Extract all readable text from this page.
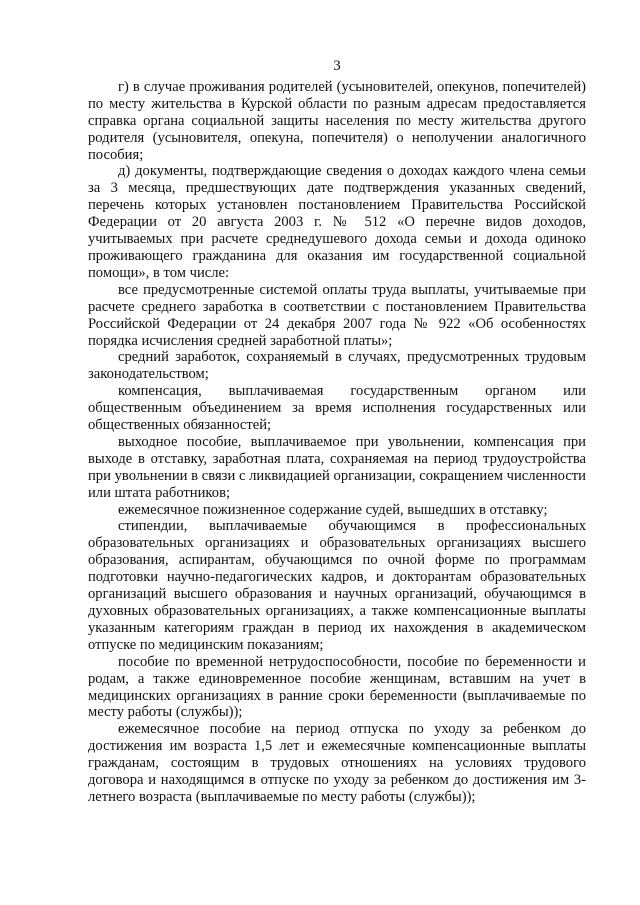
3

г) в случае проживания родителей (усыновителей, опекунов, попечителей) по месту жительства в Курской области по разным адресам предоставляется справка органа социальной защиты населения по месту жительства другого родителя (усыновителя, опекуна, попечителя) о неполучении аналогичного пособия;

д) документы, подтверждающие сведения о доходах каждого члена семьи за 3 месяца, предшествующих дате подтверждения указанных сведений, перечень которых установлен постановлением Правительства Российской Федерации от 20 августа 2003 г. № 512 «О перечне видов доходов, учитываемых при расчете среднедушевого дохода семьи и дохода одиноко проживающего гражданина для оказания им государственной социальной помощи», в том числе:

все предусмотренные системой оплаты труда выплаты, учитываемые при расчете среднего заработка в соответствии с постановлением Правительства Российской Федерации от 24 декабря 2007 года № 922 «Об особенностях порядка исчисления средней заработной платы»;

средний заработок, сохраняемый в случаях, предусмотренных трудовым законодательством;

компенсация, выплачиваемая государственным органом или общественным объединением за время исполнения государственных или общественных обязанностей;

выходное пособие, выплачиваемое при увольнении, компенсация при выходе в отставку, заработная плата, сохраняемая на период трудоустройства при увольнении в связи с ликвидацией организации, сокращением численности или штата работников;

ежемесячное пожизненное содержание судей, вышедших в отставку;

стипендии, выплачиваемые обучающимся в профессиональных образовательных организациях и образовательных организациях высшего образования, аспирантам, обучающимся по очной форме по программам подготовки научно-педагогических кадров, и докторантам образовательных организаций высшего образования и научных организаций, обучающимся в духовных образовательных организациях, а также компенсационные выплаты указанным категориям граждан в период их нахождения в академическом отпуске по медицинским показаниям;

пособие по временной нетрудоспособности, пособие по беременности и родам, а также единовременное пособие женщинам, вставшим на учет в медицинских организациях в ранние сроки беременности (выплачиваемые по месту работы (службы));

ежемесячное пособие на период отпуска по уходу за ребенком до достижения им возраста 1,5 лет и ежемесячные компенсационные выплаты гражданам, состоящим в трудовых отношениях на условиях трудового договора и находящимся в отпуске по уходу за ребенком до достижения им 3-летнего возраста (выплачиваемые по месту работы (службы));
